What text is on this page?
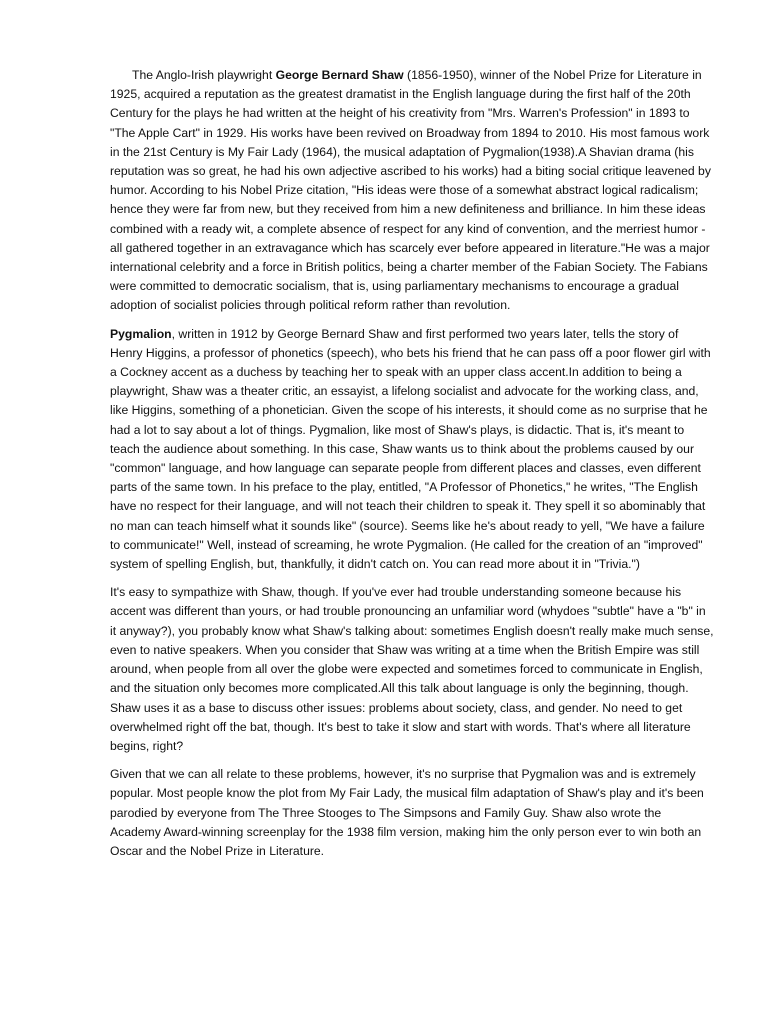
The Anglo-Irish playwright George Bernard Shaw (1856-1950), winner of the Nobel Prize for Literature in 1925, acquired a reputation as the greatest dramatist in the English language during the first half of the 20th Century for the plays he had written at the height of his creativity from "Mrs. Warren's Profession" in 1893 to "The Apple Cart" in 1929. His works have been revived on Broadway from 1894 to 2010. His most famous work in the 21st Century is My Fair Lady (1964), the musical adaptation of Pygmalion(1938).A Shavian drama (his reputation was so great, he had his own adjective ascribed to his works) had a biting social critique leavened by humor. According to his Nobel Prize citation, "His ideas were those of a somewhat abstract logical radicalism; hence they were far from new, but they received from him a new definiteness and brilliance. In him these ideas combined with a ready wit, a complete absence of respect for any kind of convention, and the merriest humor - all gathered together in an extravagance which has scarcely ever before appeared in literature."He was a major international celebrity and a force in British politics, being a charter member of the Fabian Society. The Fabians were committed to democratic socialism, that is, using parliamentary mechanisms to encourage a gradual adoption of socialist policies through political reform rather than revolution.

Pygmalion, written in 1912 by George Bernard Shaw and first performed two years later, tells the story of Henry Higgins, a professor of phonetics (speech), who bets his friend that he can pass off a poor flower girl with a Cockney accent as a duchess by teaching her to speak with an upper class accent.In addition to being a playwright, Shaw was a theater critic, an essayist, a lifelong socialist and advocate for the working class, and, like Higgins, something of a phonetician. Given the scope of his interests, it should come as no surprise that he had a lot to say about a lot of things. Pygmalion, like most of Shaw's plays, is didactic. That is, it's meant to teach the audience about something. In this case, Shaw wants us to think about the problems caused by our "common" language, and how language can separate people from different places and classes, even different parts of the same town. In his preface to the play, entitled, "A Professor of Phonetics," he writes, "The English have no respect for their language, and will not teach their children to speak it. They spell it so abominably that no man can teach himself what it sounds like" (source). Seems like he's about ready to yell, "We have a failure to communicate!" Well, instead of screaming, he wrote Pygmalion. (He called for the creation of an "improved" system of spelling English, but, thankfully, it didn't catch on. You can read more about it in "Trivia.")

It's easy to sympathize with Shaw, though. If you've ever had trouble understanding someone because his accent was different than yours, or had trouble pronouncing an unfamiliar word (whydoes "subtle" have a "b" in it anyway?), you probably know what Shaw's talking about: sometimes English doesn't really make much sense, even to native speakers. When you consider that Shaw was writing at a time when the British Empire was still around, when people from all over the globe were expected and sometimes forced to communicate in English, and the situation only becomes more complicated.All this talk about language is only the beginning, though. Shaw uses it as a base to discuss other issues: problems about society, class, and gender. No need to get overwhelmed right off the bat, though. It's best to take it slow and start with words. That's where all literature begins, right?

Given that we can all relate to these problems, however, it's no surprise that Pygmalion was and is extremely popular. Most people know the plot from My Fair Lady, the musical film adaptation of Shaw's play and it's been parodied by everyone from The Three Stooges to The Simpsons and Family Guy. Shaw also wrote the Academy Award-winning screenplay for the 1938 film version, making him the only person ever to win both an Oscar and the Nobel Prize in Literature.
